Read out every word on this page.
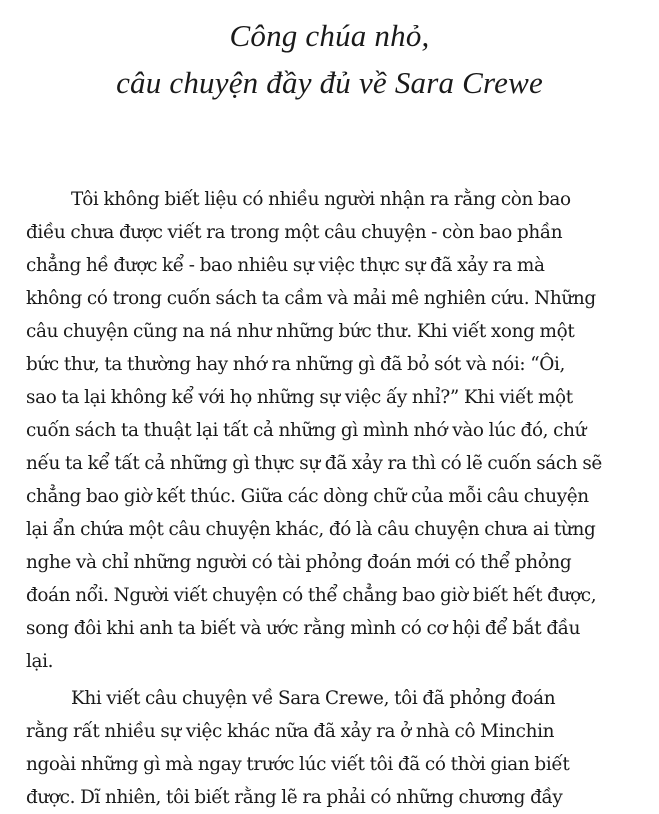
Công chúa nhỏ,
câu chuyện đầy đủ về Sara Crewe

Tôi không biết liệu có nhiều người nhận ra rằng còn bao
điều chưa được viết ra trong một câu chuyện - còn bao phần
chẳng hề được kể - bao nhiêu sự việc thực sự đã xảy ra mà
không có trong cuốn sách ta cầm và mải mê nghiên cứu. Những
câu chuyện cũng na ná như những bức thư. Khi viết xong một
bức thư, ta thường hay nhớ ra những gì đã bỏ sót và nói: “Ôi,
sao ta lại không kể với họ những sự việc ấy nhỉ?” Khi viết một
cuốn sách ta thuật lại tất cả những gì mình nhớ vào lúc đó, chứ
nếu ta kể tất cả những gì thực sự đã xảy ra thì có lẽ cuốn sách sẽ
chẳng bao giờ kết thúc. Giữa các dòng chữ của mỗi câu chuyện
lại ẩn chứa một câu chuyện khác, đó là câu chuyện chưa ai từng
nghe và chỉ những người có tài phỏng đoán mới có thể phỏng
đoán nổi. Người viết chuyện có thể chẳng bao giờ biết hết được,
song đôi khi anh ta biết và ước rằng mình có cơ hội để bắt đầu
lại.

Khi viết câu chuyện về Sara Crewe, tôi đã phỏng đoán
rằng rất nhiều sự việc khác nữa đã xảy ra ở nhà cô Minchin
ngoài những gì mà ngay trước lúc viết tôi đã có thời gian biết
được. Dĩ nhiên, tôi biết rằng lẽ ra phải có những chương đầy
